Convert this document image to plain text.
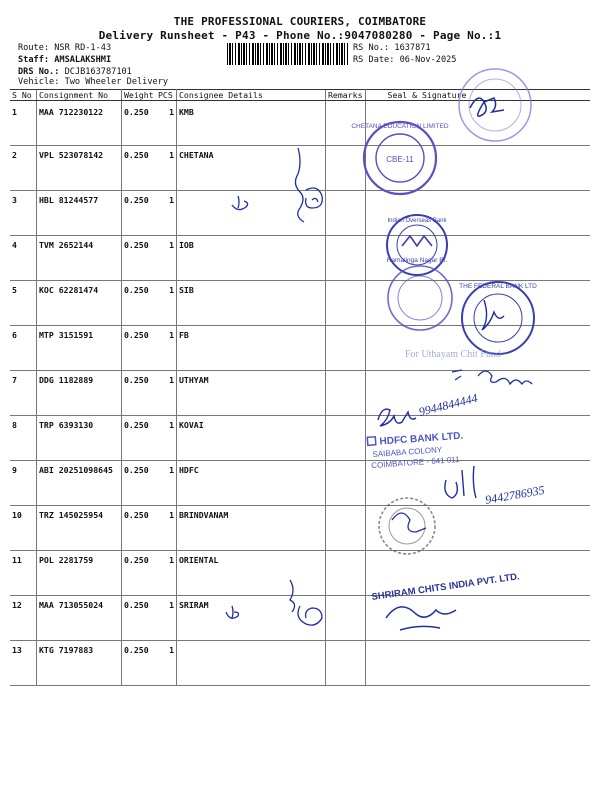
THE PROFESSIONAL COURIERS, COIMBATORE
Delivery Runsheet - P43 - Phone No.:9047080280 - Page No.:1
Route: NSR RD-1-43
Staff: AMSALAKSHMI
DRS No.: DCJB163787101
Vehicle: Two Wheeler Delivery
RS No.: 1637871
RS Date: 06-Nov-2025
S No	Consignment No	Weight	PCS	Consignee Details	Remarks	Seal & Signature
1	MAA 712230122	0.250	1	KMB		
2	VPL 523078142	0.250	1	CHETANA		
3	HBL 81244577	0.250	1			
4	TVM 2652144	0.250	1	IOB		
5	KOC 62281474	0.250	1	SIB		
6	MTP 3151591	0.250	1	FB		
7	DDG 1182889	0.250	1	UTHYAM		
8	TRP 6393130	0.250	1	KOVAI		
9	ABI 20251098645	0.250	1	HDFC		
10	TRZ 145025954	0.250	1	BRINDVANAM		
11	POL 2281759	0.250	1	ORIENTAL		
12	MAA 713055024	0.250	1	SRIRAM		
13	KTG 7197883	0.250	1			
CBE-11
CHETANA EDUCATION LIMITED
Indian Overseas Bank
Ramalinga Nagar Br.
THE FEDERAL BANK LTD
For Uthayam Chit Fund
9944844444
HDFC BANK LTD.
SAIBABA COLONY
COIMBATORE - 641 011
9442786935
SHRIRAM CHITS INDIA PVT. LTD.
